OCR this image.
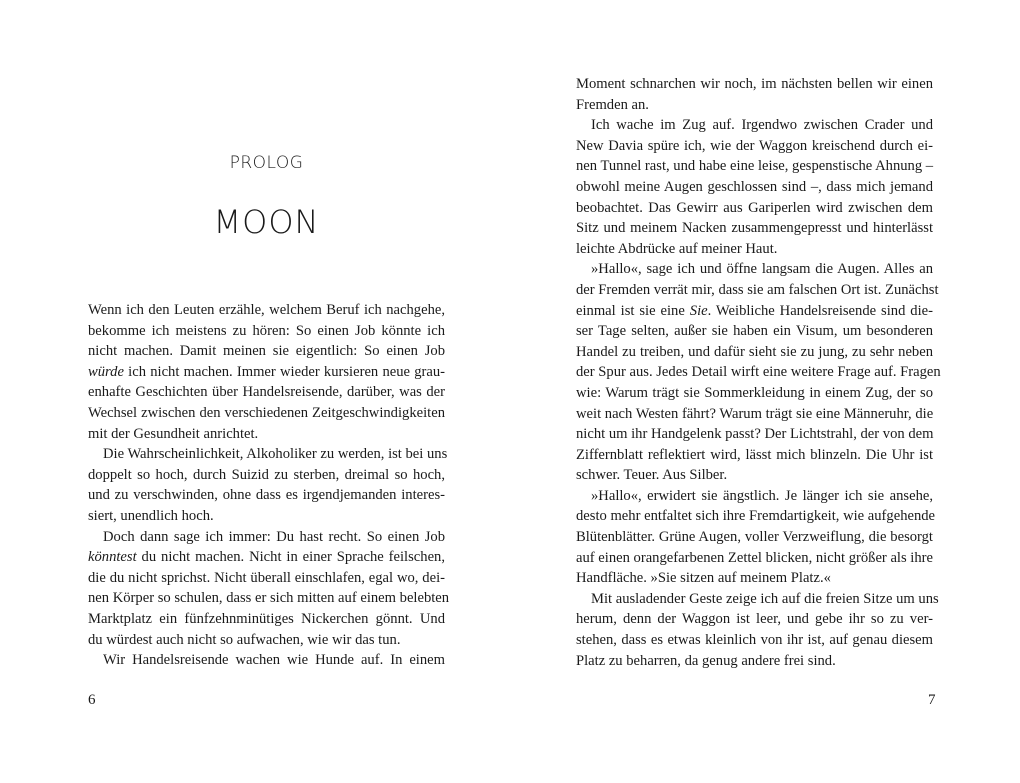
PROLOG
MOON
Wenn ich den Leuten erzähle, welchem Beruf ich nachgehe,
bekomme ich meistens zu hören: So einen Job könnte ich
nicht machen. Damit meinen sie eigentlich: So einen Job
würde ich nicht machen. Immer wieder kursieren neue grau-
enhafte Geschichten über Handelsreisende, darüber, was der
Wechsel zwischen den verschiedenen Zeitgeschwindigkeiten
mit der Gesundheit anrichtet.
Die Wahrscheinlichkeit, Alkoholiker zu werden, ist bei uns
doppelt so hoch, durch Suizid zu sterben, dreimal so hoch,
und zu verschwinden, ohne dass es irgendjemanden interes-
siert, unendlich hoch.
Doch dann sage ich immer: Du hast recht. So einen Job
könntest du nicht machen. Nicht in einer Sprache feilschen,
die du nicht sprichst. Nicht überall einschlafen, egal wo, dei-
nen Körper so schulen, dass er sich mitten auf einem belebten
Marktplatz ein fünfzehnminütiges Nickerchen gönnt. Und
du würdest auch nicht so aufwachen, wie wir das tun.
Wir Handelsreisende wachen wie Hunde auf. In einem
6
Moment schnarchen wir noch, im nächsten bellen wir einen
Fremden an.
Ich wache im Zug auf. Irgendwo zwischen Crader und
New Davia spüre ich, wie der Waggon kreischend durch ei-
nen Tunnel rast, und habe eine leise, gespenstische Ahnung –
obwohl meine Augen geschlossen sind –, dass mich jemand
beobachtet. Das Gewirr aus Gariperlen wird zwischen dem
Sitz und meinem Nacken zusammengepresst und hinterlässt
leichte Abdrücke auf meiner Haut.
»Hallo«, sage ich und öffne langsam die Augen. Alles an
der Fremden verrät mir, dass sie am falschen Ort ist. Zunächst
einmal ist sie eine Sie. Weibliche Handelsreisende sind die-
ser Tage selten, außer sie haben ein Visum, um besonderen
Handel zu treiben, und dafür sieht sie zu jung, zu sehr neben
der Spur aus. Jedes Detail wirft eine weitere Frage auf. Fragen
wie: Warum trägt sie Sommerkleidung in einem Zug, der so
weit nach Westen fährt? Warum trägt sie eine Männeruhr, die
nicht um ihr Handgelenk passt? Der Lichtstrahl, der von dem
Ziffernblatt reflektiert wird, lässt mich blinzeln. Die Uhr ist
schwer. Teuer. Aus Silber.
»Hallo«, erwidert sie ängstlich. Je länger ich sie ansehe,
desto mehr entfaltet sich ihre Fremdartigkeit, wie aufgehende
Blütenblätter. Grüne Augen, voller Verzweiflung, die besorgt
auf einen orangefarbenen Zettel blicken, nicht größer als ihre
Handfläche. »Sie sitzen auf meinem Platz.«
Mit ausladender Geste zeige ich auf die freien Sitze um uns
herum, denn der Waggon ist leer, und gebe ihr so zu ver-
stehen, dass es etwas kleinlich von ihr ist, auf genau diesem
Platz zu beharren, da genug andere frei sind.
7
